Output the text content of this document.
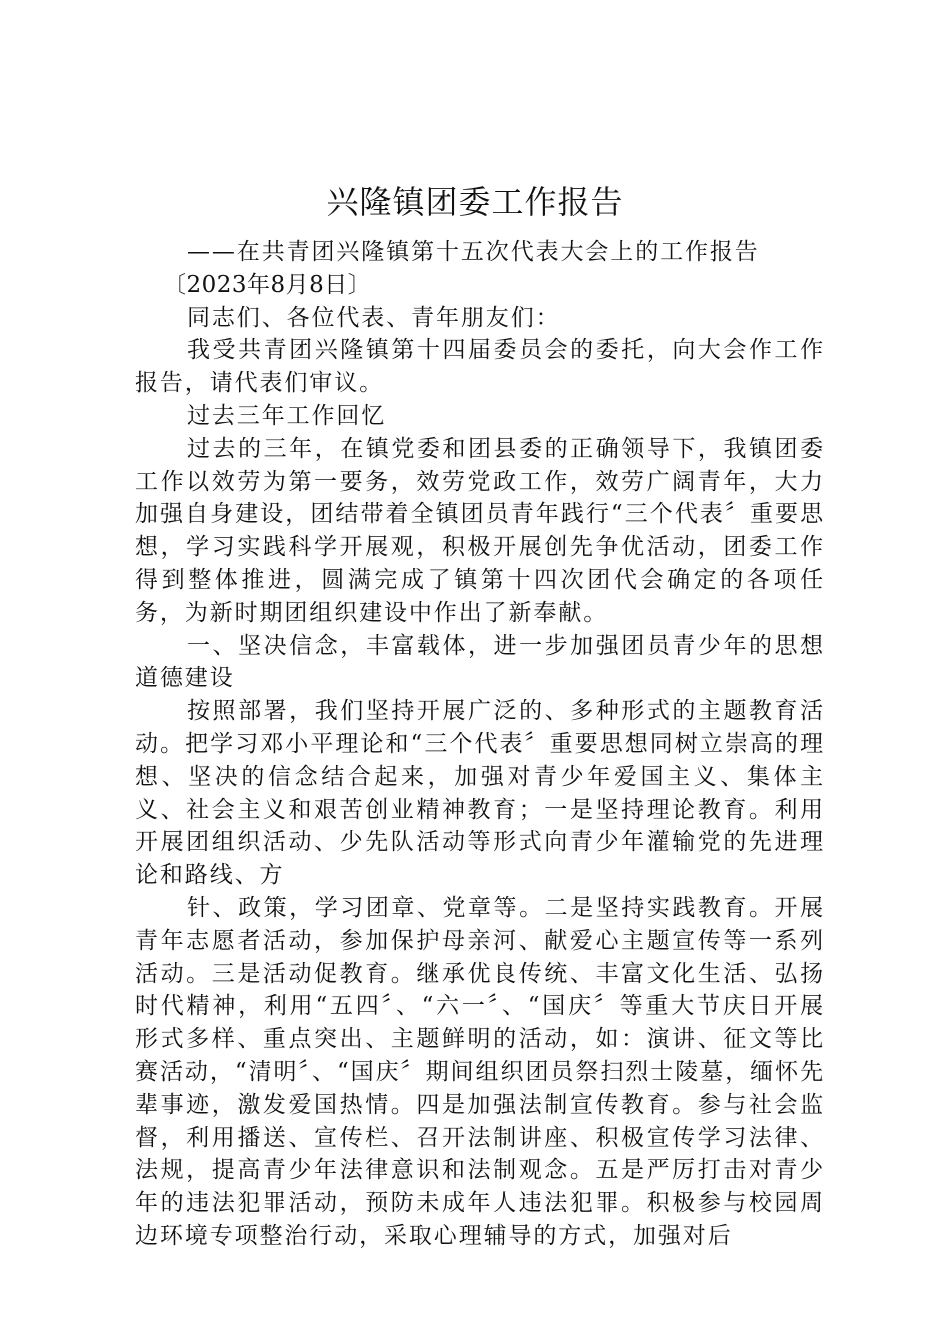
兴隆镇团委工作报告

——在共青团兴隆镇第十五次代表大会上的工作报告

〔2023年8月8日〕

同志们、各位代表、青年朋友们：

我受共青团兴隆镇第十四届委员会的委托，向大会作工作报告，请代表们审议。

过去三年工作回忆

过去的三年，在镇党委和团县委的正确领导下，我镇团委工作以效劳为第一要务，效劳党政工作，效劳广阔青年，大力加强自身建设，团结带着全镇团员青年践行“三个代表〞重要思想，学习实践科学开展观，积极开展创先争优活动，团委工作得到整体推进，圆满完成了镇第十四次团代会确定的各项任务，为新时期团组织建设中作出了新奉献。

一、坚决信念，丰富载体，进一步加强团员青少年的思想道德建设

按照部署，我们坚持开展广泛的、多种形式的主题教育活动。把学习邓小平理论和“三个代表〞重要思想同树立崇高的理想、坚决的信念结合起来，加强对青少年爱国主义、集体主义、社会主义和艰苦创业精神教育；一是坚持理论教育。利用开展团组织活动、少先队活动等形式向青少年灌输党的先进理论和路线、方

针、政策，学习团章、党章等。二是坚持实践教育。开展青年志愿者活动，参加保护母亲河、献爱心主题宣传等一系列活动。三是活动促教育。继承优良传统、丰富文化生活、弘扬时代精神，利用“五四〞、“六一〞、“国庆〞等重大节庆日开展形式多样、重点突出、主题鲜明的活动，如：演讲、征文等比赛活动，“清明〞、“国庆〞期间组织团员祭扫烈士陵墓，缅怀先辈事迹，激发爱国热情。四是加强法制宣传教育。参与社会监督，利用播送、宣传栏、召开法制讲座、积极宣传学习法律、法规，提高青少年法律意识和法制观念。五是严厉打击对青少年的违法犯罪活动，预防未成年人违法犯罪。积极参与校园周边环境专项整治行动，采取心理辅导的方式，加强对后
